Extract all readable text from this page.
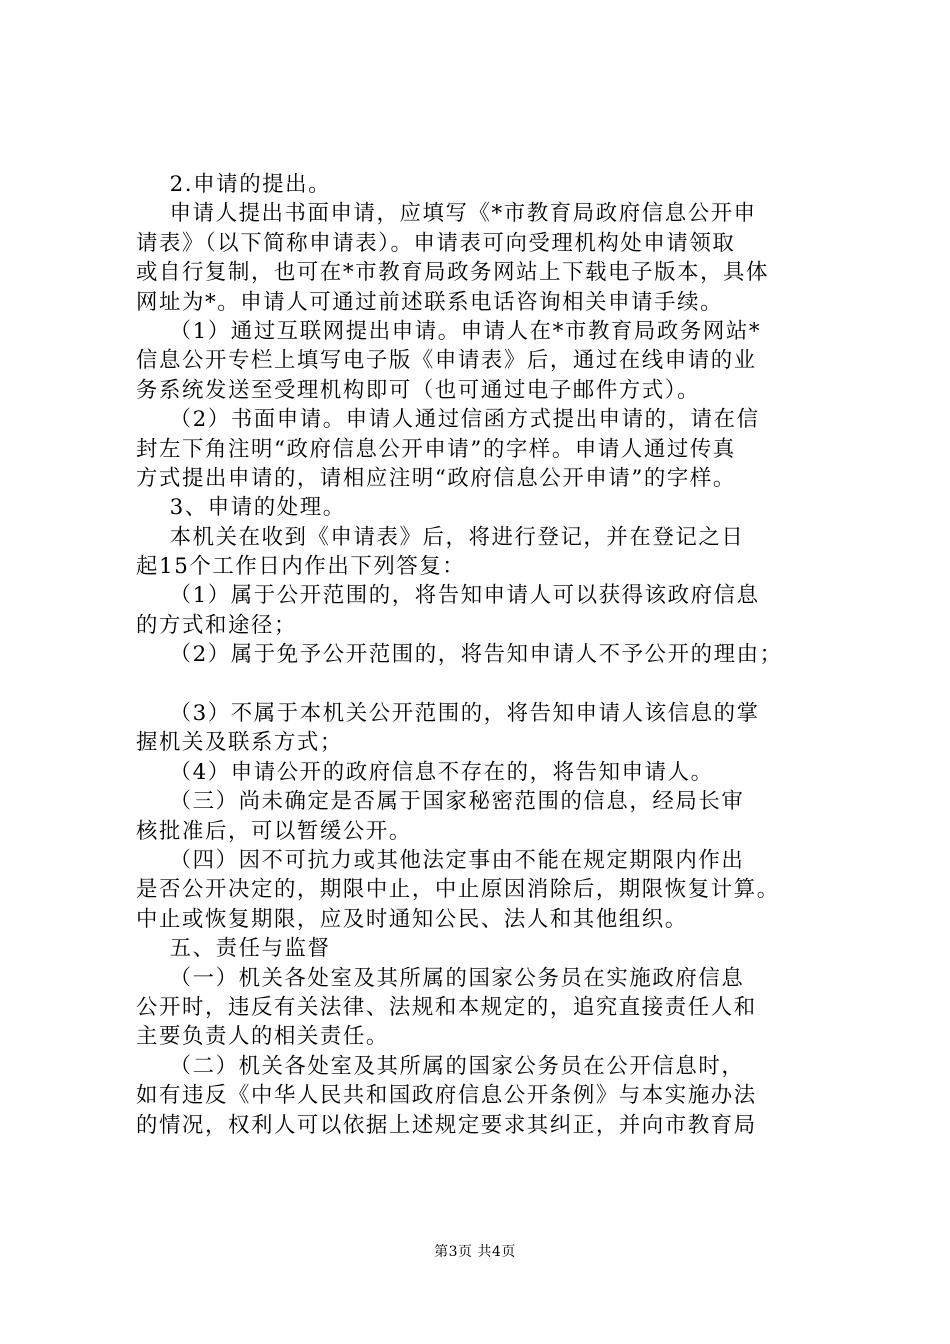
2.申请的提出。
申请人提出书面申请，应填写《*市教育局政府信息公开申
请表》（以下简称申请表）。申请表可向受理机构处申请领取
或自行复制，也可在*市教育局政务网站上下载电子版本，具体
网址为*。申请人可通过前述联系电话咨询相关申请手续。
（1）通过互联网提出申请。申请人在*市教育局政务网站*
信息公开专栏上填写电子版《申请表》后，通过在线申请的业
务系统发送至受理机构即可（也可通过电子邮件方式）。
（2）书面申请。申请人通过信函方式提出申请的，请在信
封左下角注明“政府信息公开申请”的字样。申请人通过传真
方式提出申请的，请相应注明“政府信息公开申请”的字样。
3、申请的处理。
本机关在收到《申请表》后，将进行登记，并在登记之日
起15个工作日内作出下列答复：
（1）属于公开范围的，将告知申请人可以获得该政府信息
的方式和途径；
（2）属于免予公开范围的，将告知申请人不予公开的理由；
（3）不属于本机关公开范围的，将告知申请人该信息的掌
握机关及联系方式；
（4）申请公开的政府信息不存在的，将告知申请人。
（三）尚未确定是否属于国家秘密范围的信息，经局长审
核批准后，可以暂缓公开。
（四）因不可抗力或其他法定事由不能在规定期限内作出
是否公开决定的，期限中止，中止原因消除后，期限恢复计算。
中止或恢复期限，应及时通知公民、法人和其他组织。
五、责任与监督
（一）机关各处室及其所属的国家公务员在实施政府信息
公开时，违反有关法律、法规和本规定的，追究直接责任人和
主要负责人的相关责任。
（二）机关各处室及其所属的国家公务员在公开信息时，
如有违反《中华人民共和国政府信息公开条例》与本实施办法
的情况，权利人可以依据上述规定要求其纠正，并向市教育局
第3页 共4页
